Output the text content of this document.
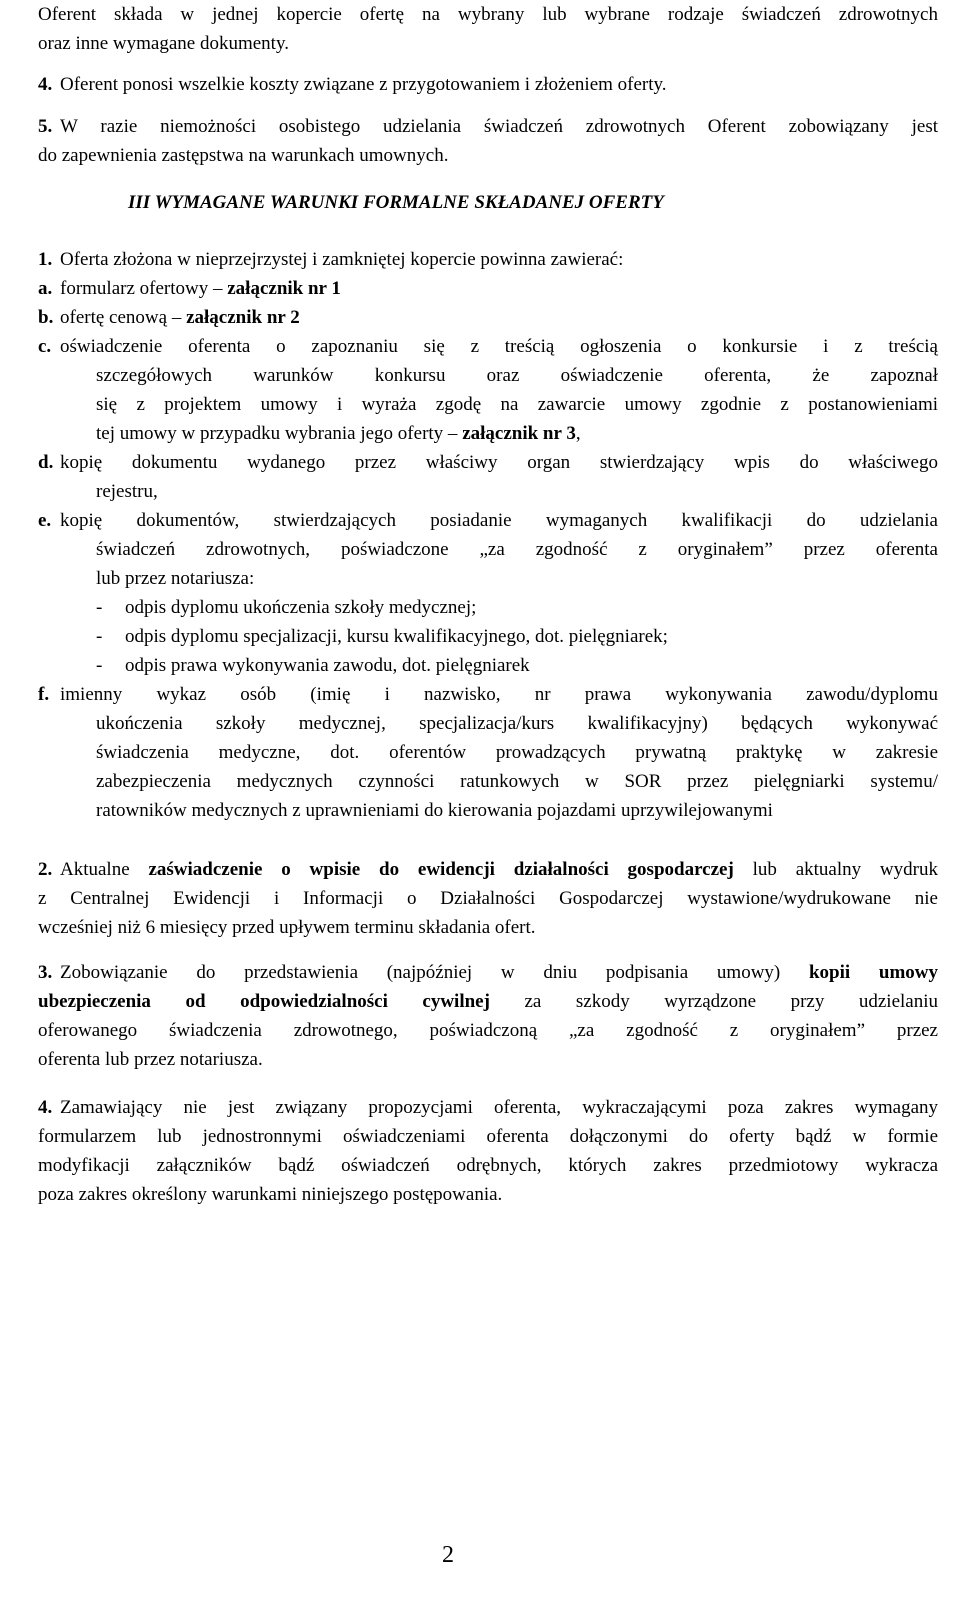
Oferent składa w jednej kopercie ofertę na wybrany lub wybrane rodzaje świadczeń zdrowotnych

oraz inne wymagane dokumenty.

4. Oferent ponosi wszelkie koszty związane z przygotowaniem i złożeniem oferty.

5. W razie niemożności osobistego udzielania świadczeń zdrowotnych Oferent zobowiązany jest

do zapewnienia zastępstwa na warunkach umownych.

III WYMAGANE WARUNKI FORMALNE SKŁADANEJ OFERTY

1. Oferta złożona w nieprzejrzystej i zamkniętej kopercie powinna zawierać:

a. formularz ofertowy – załącznik nr 1

b. ofertę cenową – załącznik nr 2

c. oświadczenie oferenta o zapoznaniu się z treścią ogłoszenia o konkursie i z treścią

szczegółowych warunków konkursu oraz oświadczenie oferenta, że zapoznał

się z projektem umowy i wyraża zgodę na zawarcie umowy zgodnie z postanowieniami

tej umowy w przypadku wybrania jego oferty – załącznik nr 3,

d. kopię dokumentu wydanego przez właściwy organ stwierdzający wpis do właściwego

rejestru,

e. kopię dokumentów, stwierdzających posiadanie wymaganych kwalifikacji do udzielania

świadczeń zdrowotnych, poświadczone „za zgodność z oryginałem” przez oferenta

lub przez notariusza:

- odpis dyplomu ukończenia szkoły medycznej;

- odpis dyplomu specjalizacji, kursu kwalifikacyjnego, dot. pielęgniarek;

- odpis prawa wykonywania zawodu, dot. pielęgniarek

f. imienny wykaz osób (imię i nazwisko, nr prawa wykonywania zawodu/dyplomu

ukończenia szkoły medycznej, specjalizacja/kurs kwalifikacyjny) będących wykonywać

świadczenia medyczne, dot. oferentów prowadzących prywatną praktykę w zakresie

zabezpieczenia medycznych czynności ratunkowych w SOR przez pielęgniarki systemu/

ratowników medycznych z uprawnieniami do kierowania pojazdami uprzywilejowanymi

2. Aktualne zaświadczenie o wpisie do ewidencji działalności gospodarczej lub aktualny wydruk

z Centralnej Ewidencji i Informacji o Działalności Gospodarczej wystawione/wydrukowane nie

wcześniej niż 6 miesięcy przed upływem terminu składania ofert.

3. Zobowiązanie do przedstawienia (najpóźniej w dniu podpisania umowy) kopii umowy

ubezpieczenia od odpowiedzialności cywilnej za szkody wyrządzone przy udzielaniu

oferowanego świadczenia zdrowotnego, poświadczoną „za zgodność z oryginałem” przez

oferenta lub przez notariusza.

4. Zamawiający nie jest związany propozycjami oferenta, wykraczającymi poza zakres wymagany

formularzem lub jednostronnymi oświadczeniami oferenta dołączonymi do oferty bądź w formie

modyfikacji załączników bądź oświadczeń odrębnych, których zakres przedmiotowy wykracza

poza zakres określony warunkami niniejszego postępowania.

2
